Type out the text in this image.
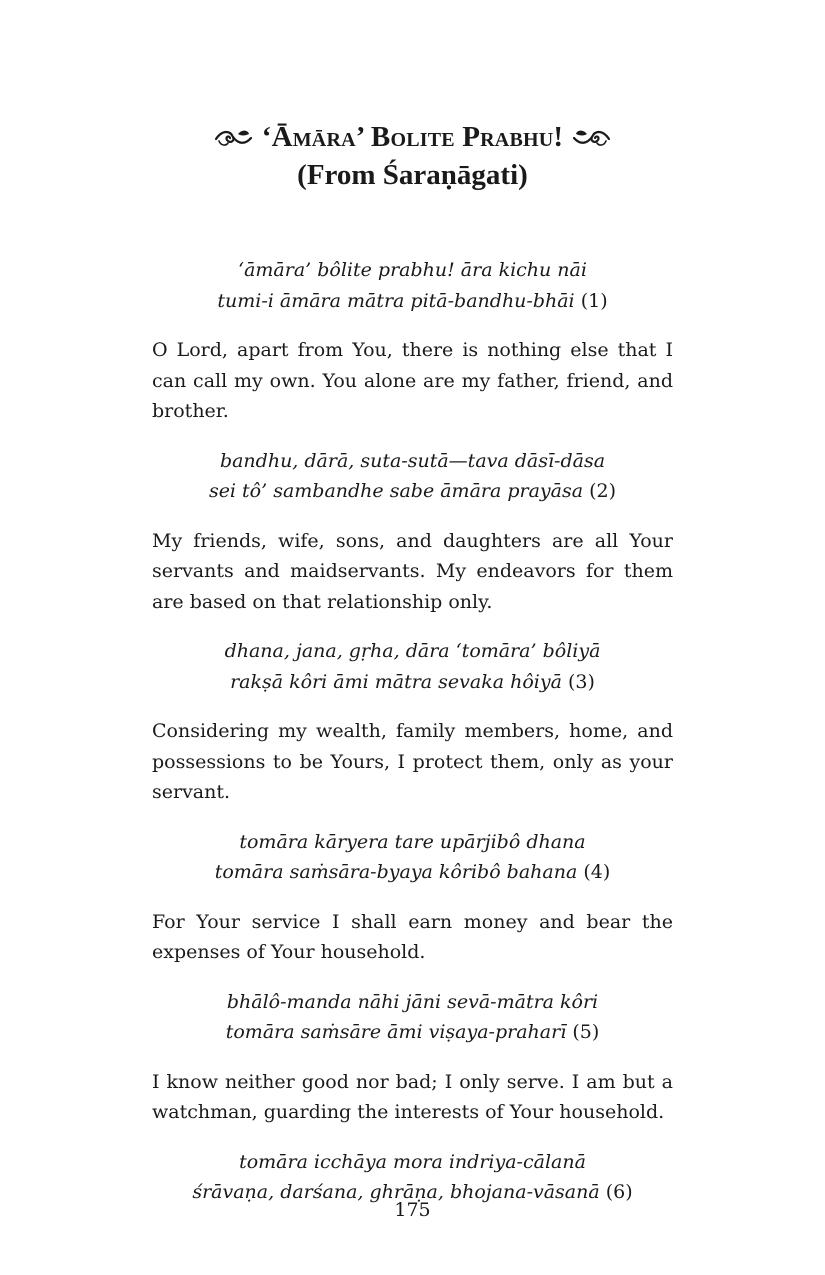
‘Āmāra’ Bolite Prabhu!
(From Śaraṇāgati)

‘āmāra’ bôlite prabhu! āra kichu nāi

tumi-i āmāra mātra pitā-bandhu-bhāi (1)

O Lord, apart from You, there is nothing else that I can call my own. You alone are my father, friend, and brother.

bandhu, dārā, suta-sutā—tava dāsī-dāsa

sei tô’ sambandhe sabe āmāra prayāsa (2)

My friends, wife, sons, and daughters are all Your servants and maidservants. My endeavors for them are based on that relationship only.

dhana, jana, gṛha, dāra ‘tomāra’ bôliyā

rakṣā kôri āmi mātra sevaka hôiyā (3)

Considering my wealth, family members, home, and possessions to be Yours, I protect them, only as your servant.

tomāra kāryera tare upārjibô dhana

tomāra saṁsāra-byaya kôribô bahana (4)

For Your service I shall earn money and bear the expenses of Your household.

bhālô-manda nāhi jāni sevā-mātra kôri

tomāra saṁsāre āmi viṣaya-praharī (5)

I know neither good nor bad; I only serve. I am but a watchman, guarding the interests of Your household.

tomāra icchāya mora indriya-cālanā

śrāvaṇa, darśana, ghrāṇa, bhojana-vāsanā (6)

175
